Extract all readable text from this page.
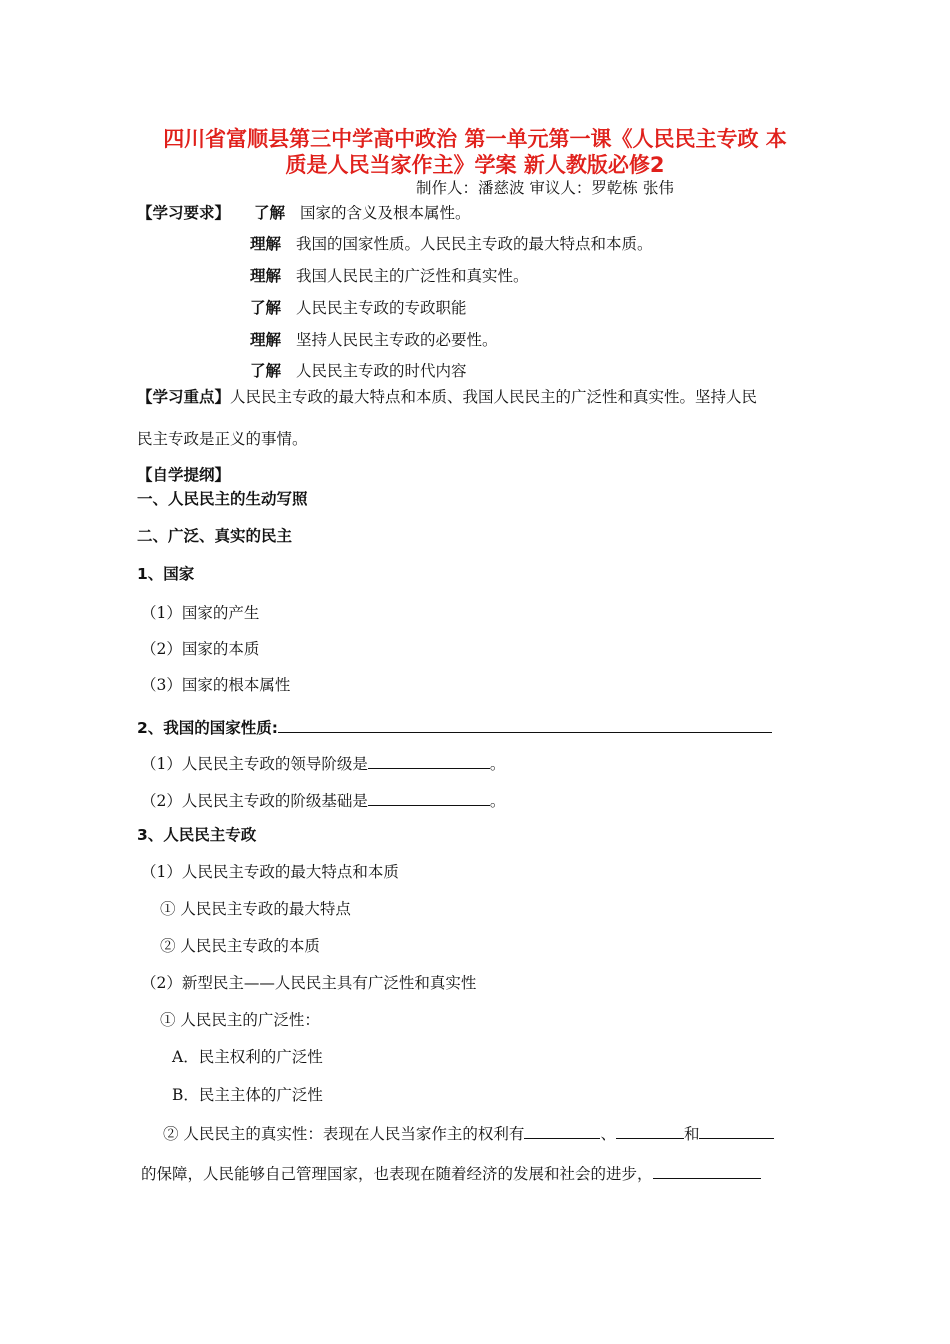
四川省富顺县第三中学高中政治 第一单元第一课《人民民主专政 本
质是人民当家作主》学案 新人教版必修2
制作人：潘慈波 审议人：罗乾栋 张伟
【学习要求】 了解 国家的含义及根本属性。
理解 我国的国家性质。人民民主专政的最大特点和本质。
理解 我国人民民主的广泛性和真实性。
了解 人民民主专政的专政职能
理解 坚持人民民主专政的必要性。
了解 人民民主专政的时代内容
【学习重点】人民民主专政的最大特点和本质、我国人民民主的广泛性和真实性。坚持人民
民主专政是正义的事情。
【自学提纲】
一、人民民主的生动写照
二、广泛、真实的民主
1、国家
（1）国家的产生
（2）国家的本质
（3）国家的根本属性
2、我国的国家性质:
（1）人民民主专政的领导阶级是	。
（2）人民民主专政的阶级基础是	。
3、人民民主专政
（1）人民民主专政的最大特点和本质
① 人民民主专政的最大特点
② 人民民主专政的本质
（2）新型民主——人民民主具有广泛性和真实性
① 人民民主的广泛性：
A．民主权利的广泛性
B．民主主体的广泛性
② 人民民主的真实性：表现在人民当家作主的权利有	、	和
的保障，人民能够自己管理国家，也表现在随着经济的发展和社会的进步，
